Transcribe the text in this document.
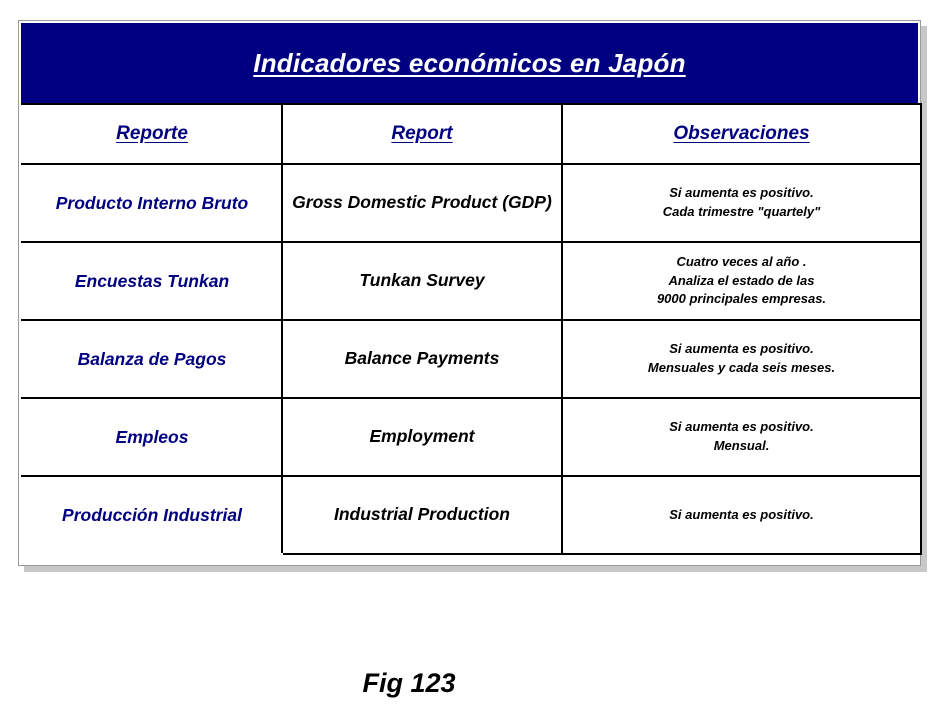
Indicadores económicos en Japón
Reporte	Report	Observaciones
Producto Interno Bruto	Gross Domestic Product (GDP)	Si aumenta es positivo.
Cada trimestre "quartely"

Encuestas Tunkan	Tunkan Survey	Cuatro veces al año .
Analiza el estado de las
9000 principales empresas.

Balanza de Pagos	Balance Payments	Si aumenta es positivo.
Mensuales y cada seis meses.

Empleos	Employment	Si aumenta es positivo.
Mensual.

Producción Industrial	Industrial Production	Si aumenta es positivo.
Fig 123
